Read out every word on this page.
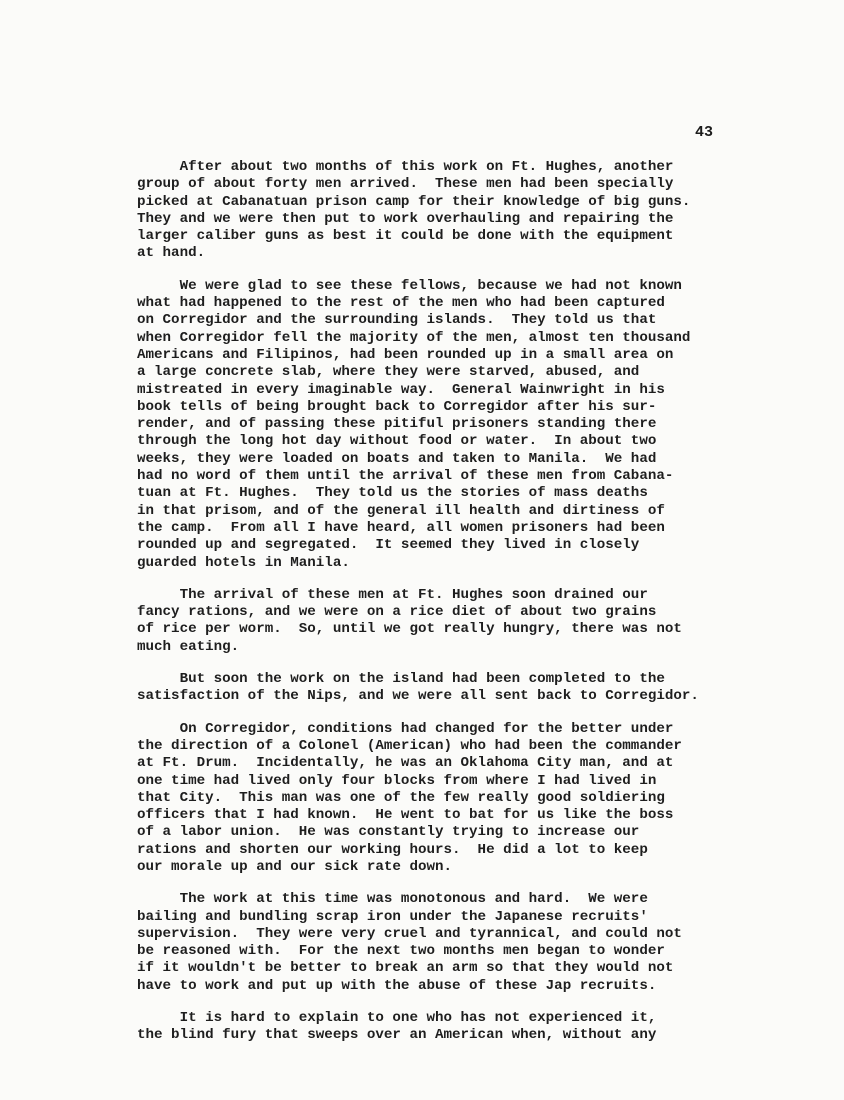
43
After about two months of this work on Ft. Hughes, another
group of about forty men arrived.  These men had been specially
picked at Cabanatuan prison camp for their knowledge of big guns.
They and we were then put to work overhauling and repairing the
larger caliber guns as best it could be done with the equipment
at hand.
We were glad to see these fellows, because we had not known
what had happened to the rest of the men who had been captured
on Corregidor and the surrounding islands.  They told us that
when Corregidor fell the majority of the men, almost ten thousand
Americans and Filipinos, had been rounded up in a small area on
a large concrete slab, where they were starved, abused, and
mistreated in every imaginable way.  General Wainwright in his
book tells of being brought back to Corregidor after his sur-
render, and of passing these pitiful prisoners standing there
through the long hot day without food or water.  In about two
weeks, they were loaded on boats and taken to Manila.  We had
had no word of them until the arrival of these men from Cabana-
tuan at Ft. Hughes.  They told us the stories of mass deaths
in that prisom, and of the general ill health and dirtiness of
the camp.  From all I have heard, all women prisoners had been
rounded up and segregated.  It seemed they lived in closely
guarded hotels in Manila.
The arrival of these men at Ft. Hughes soon drained our
fancy rations, and we were on a rice diet of about two grains
of rice per worm.  So, until we got really hungry, there was not
much eating.
But soon the work on the island had been completed to the
satisfaction of the Nips, and we were all sent back to Corregidor.
On Corregidor, conditions had changed for the better under
the direction of a Colonel (American) who had been the commander
at Ft. Drum.  Incidentally, he was an Oklahoma City man, and at
one time had lived only four blocks from where I had lived in
that City.  This man was one of the few really good soldiering
officers that I had known.  He went to bat for us like the boss
of a labor union.  He was constantly trying to increase our
rations and shorten our working hours.  He did a lot to keep
our morale up and our sick rate down.
The work at this time was monotonous and hard.  We were
bailing and bundling scrap iron under the Japanese recruits'
supervision.  They were very cruel and tyrannical, and could not
be reasoned with.  For the next two months men began to wonder
if it wouldn't be better to break an arm so that they would not
have to work and put up with the abuse of these Jap recruits.
It is hard to explain to one who has not experienced it,
the blind fury that sweeps over an American when, without any
